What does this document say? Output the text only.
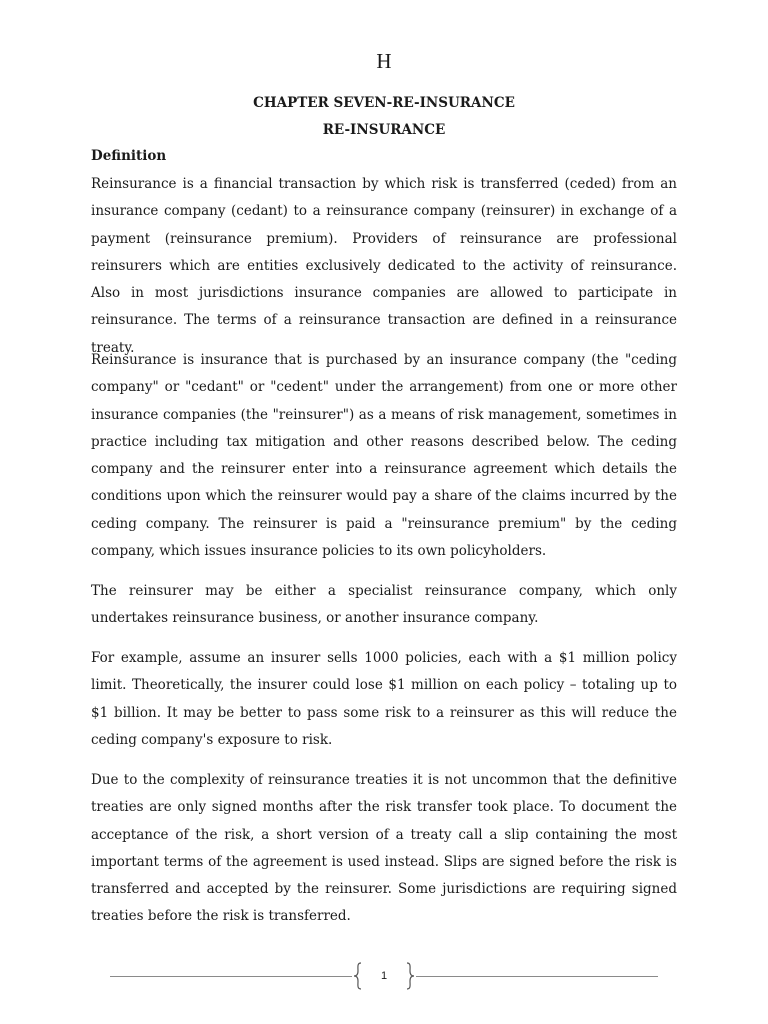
H
CHAPTER SEVEN-RE-INSURANCE
RE-INSURANCE
Definition

Reinsurance is a financial transaction by which risk is transferred (ceded) from an insurance company (cedant) to a reinsurance company (reinsurer) in exchange of a payment (reinsurance premium). Providers of reinsurance are professional reinsurers which are entities exclusively dedicated to the activity of reinsurance. Also in most jurisdictions insurance companies are allowed to participate in reinsurance. The terms of a reinsurance transaction are defined in a reinsurance treaty.

Reinsurance is insurance that is purchased by an insurance company (the "ceding company" or "cedant" or "cedent" under the arrangement) from one or more other insurance companies (the "reinsurer") as a means of risk management, sometimes in practice including tax mitigation and other reasons described below. The ceding company and the reinsurer enter into a reinsurance agreement which details the conditions upon which the reinsurer would pay a share of the claims incurred by the ceding company. The reinsurer is paid a "reinsurance premium" by the ceding company, which issues insurance policies to its own policyholders.

The reinsurer may be either a specialist reinsurance company, which only undertakes reinsurance business, or another insurance company.

For example, assume an insurer sells 1000 policies, each with a $1 million policy limit. Theoretically, the insurer could lose $1 million on each policy – totaling up to $1 billion. It may be better to pass some risk to a reinsurer as this will reduce the ceding company's exposure to risk.

Due to the complexity of reinsurance treaties it is not uncommon that the definitive treaties are only signed months after the risk transfer took place. To document the acceptance of the risk, a short version of a treaty call a slip containing the most important terms of the agreement is used instead. Slips are signed before the risk is transferred and accepted by the reinsurer. Some jurisdictions are requiring signed treaties before the risk is transferred.

1
